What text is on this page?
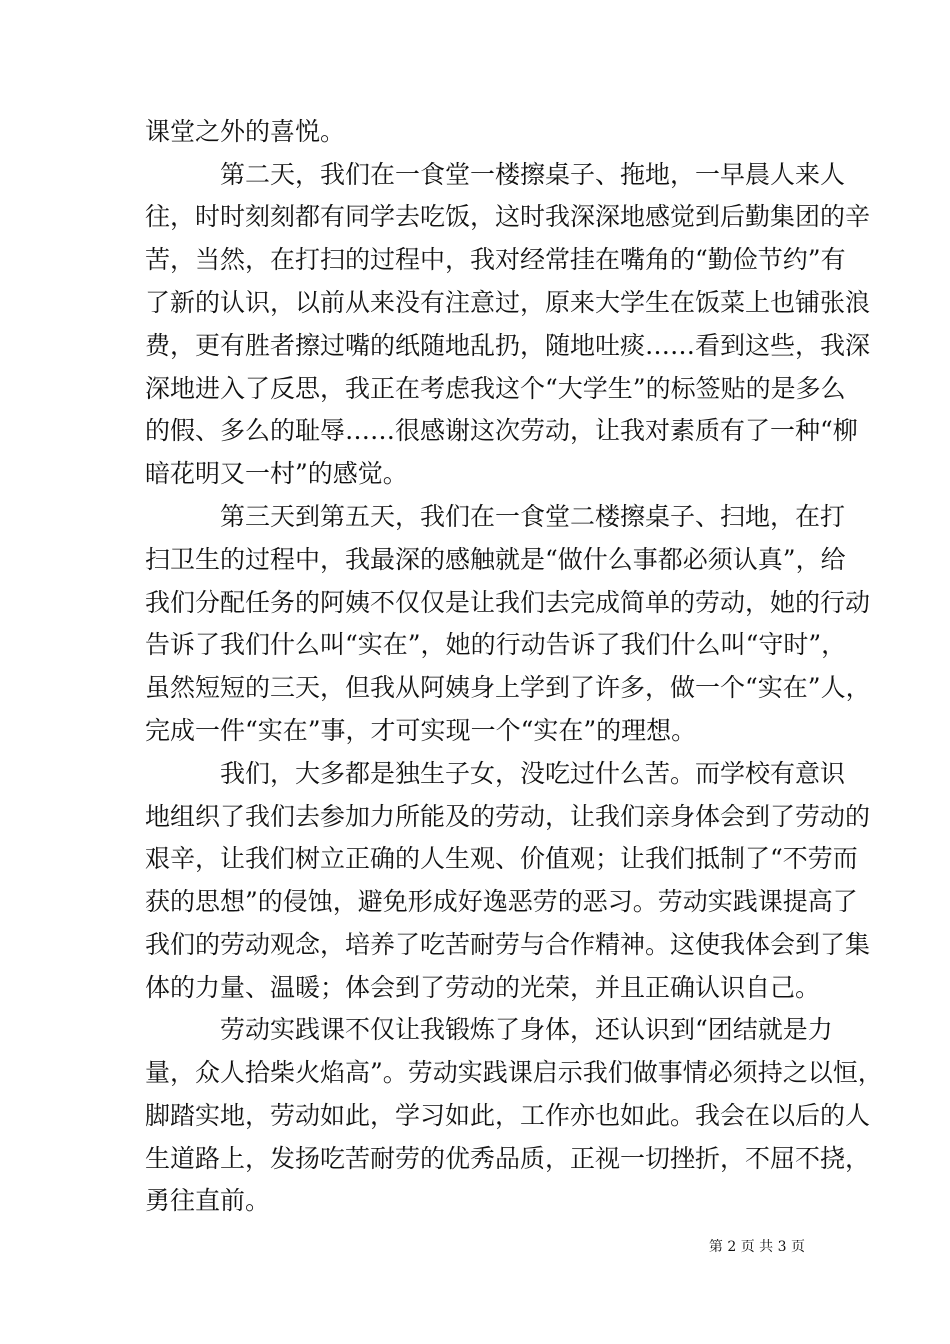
课堂之外的喜悦。
　　　第二天，我们在一食堂一楼擦桌子、拖地，一早晨人来人
往，时时刻刻都有同学去吃饭，这时我深深地感觉到后勤集团的辛
苦，当然，在打扫的过程中，我对经常挂在嘴角的“勤俭节约”有
了新的认识，以前从来没有注意过，原来大学生在饭菜上也铺张浪
费，更有胜者擦过嘴的纸随地乱扔，随地吐痰……看到这些，我深
深地进入了反思，我正在考虑我这个“大学生”的标签贴的是多么
的假、多么的耻辱……很感谢这次劳动，让我对素质有了一种“柳
暗花明又一村”的感觉。
　　　第三天到第五天，我们在一食堂二楼擦桌子、扫地，在打
扫卫生的过程中，我最深的感触就是“做什么事都必须认真”，给
我们分配任务的阿姨不仅仅是让我们去完成简单的劳动，她的行动
告诉了我们什么叫“实在”，她的行动告诉了我们什么叫“守时”，
虽然短短的三天，但我从阿姨身上学到了许多，做一个“实在”人，
完成一件“实在”事，才可实现一个“实在”的理想。
　　　我们，大多都是独生子女，没吃过什么苦。而学校有意识
地组织了我们去参加力所能及的劳动，让我们亲身体会到了劳动的
艰辛，让我们树立正确的人生观、价值观；让我们抵制了“不劳而
获的思想”的侵蚀，避免形成好逸恶劳的恶习。劳动实践课提高了
我们的劳动观念，培养了吃苦耐劳与合作精神。这使我体会到了集
体的力量、温暖；体会到了劳动的光荣，并且正确认识自己。
　　　劳动实践课不仅让我锻炼了身体，还认识到“团结就是力
量，众人拾柴火焰高”。劳动实践课启示我们做事情必须持之以恒，
脚踏实地，劳动如此，学习如此，工作亦也如此。我会在以后的人
生道路上，发扬吃苦耐劳的优秀品质，正视一切挫折，不屈不挠，
勇往直前。
第 2 页 共 3 页
